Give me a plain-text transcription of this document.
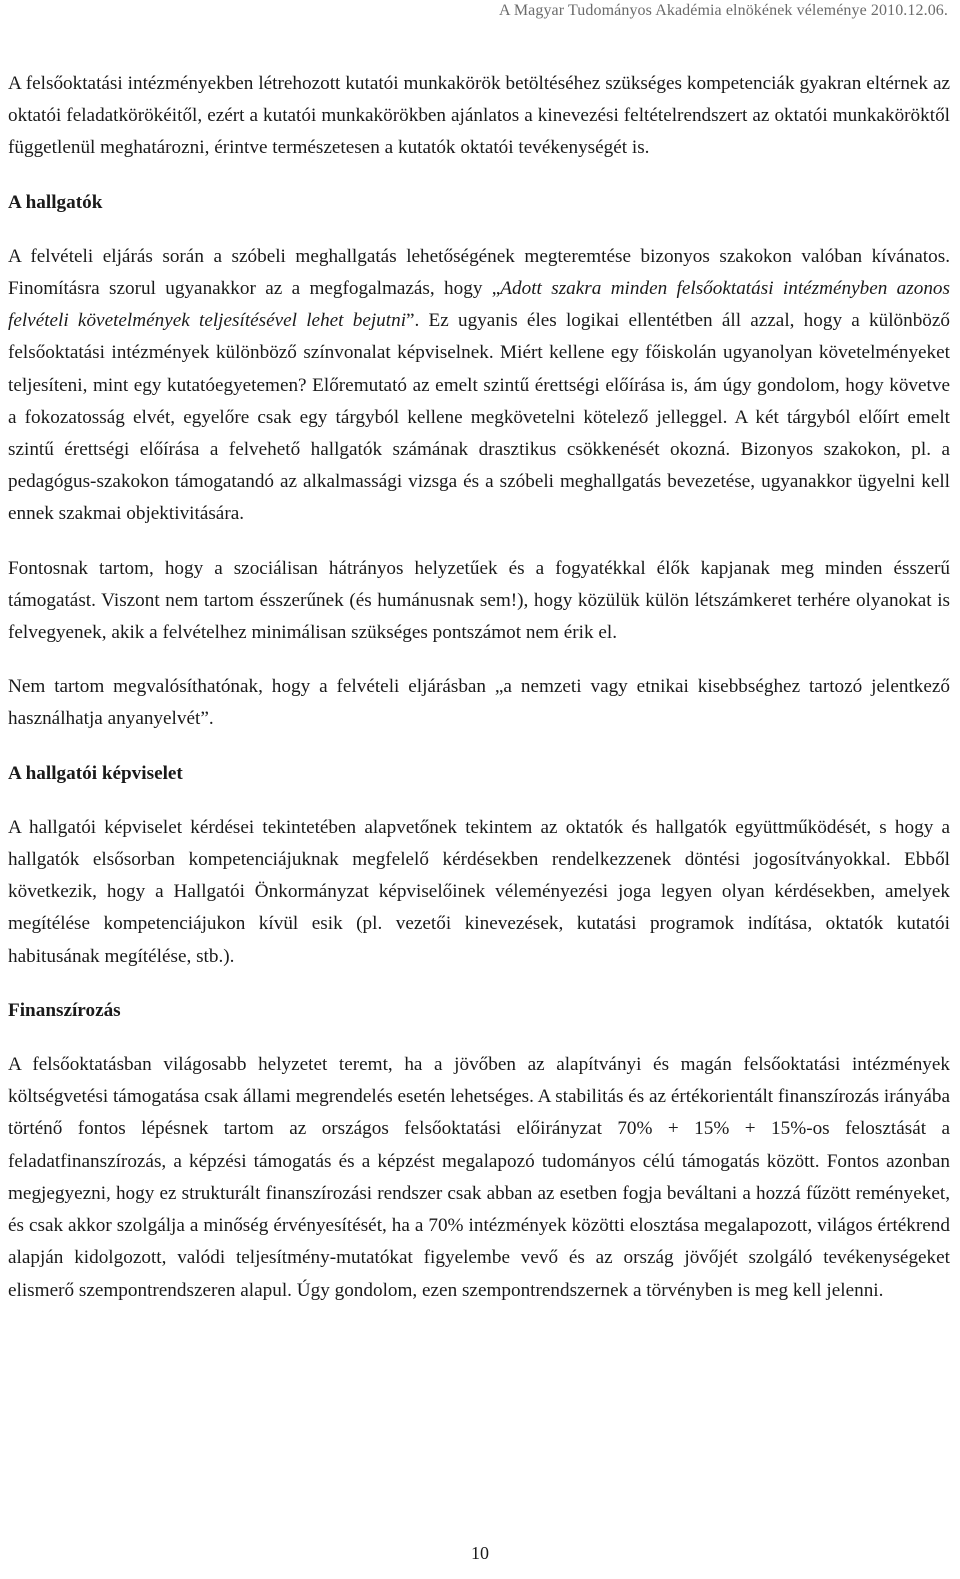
A Magyar Tudományos Akadémia elnökének véleménye 2010.12.06.

A felsőoktatási intézményekben létrehozott kutatói munkakörök betöltéséhez szükséges kompetenciák gyakran eltérnek az oktatói feladatkörökéitől, ezért a kutatói munkakörökben ajánlatos a kinevezési feltételrendszert az oktatói munkaköröktől függetlenül meghatározni, érintve természetesen a kutatók oktatói tevékenységét is.

A hallgatók

A felvételi eljárás során a szóbeli meghallgatás lehetőségének megteremtése bizonyos szakokon valóban kívánatos. Finomításra szorul ugyanakkor az a megfogalmazás, hogy „Adott szakra minden felsőoktatási intézményben azonos felvételi követelmények teljesítésével lehet bejutni”. Ez ugyanis éles logikai ellentétben áll azzal, hogy a különböző felsőoktatási intézmények különböző színvonalat képviselnek. Miért kellene egy főiskolán ugyanolyan követelményeket teljesíteni, mint egy kutatóegyetemen? Előremutató az emelt szintű érettségi előírása is, ám úgy gondolom, hogy követve a fokozatosság elvét, egyelőre csak egy tárgyból kellene megkövetelni kötelező jelleggel. A két tárgyból előírt emelt szintű érettségi előírása a felvehető hallgatók számának drasztikus csökkenését okozná. Bizonyos szakokon, pl. a pedagógus-szakokon támogatandó az alkalmassági vizsga és a szóbeli meghallgatás bevezetése, ugyanakkor ügyelni kell ennek szakmai objektivitására.

Fontosnak tartom, hogy a szociálisan hátrányos helyzetűek és a fogyatékkal élők kapjanak meg minden ésszerű támogatást. Viszont nem tartom ésszerűnek (és humánusnak sem!), hogy közülük külön létszámkeret terhére olyanokat is felvegyenek, akik a felvételhez minimálisan szükséges pontszámot nem érik el.

Nem tartom megvalósíthatónak, hogy a felvételi eljárásban „a nemzeti vagy etnikai kisebbséghez tartozó jelentkező használhatja anyanyelvét”.

A hallgatói képviselet

A hallgatói képviselet kérdései tekintetében alapvetőnek tekintem az oktatók és hallgatók együttműködését, s hogy a hallgatók elsősorban kompetenciájuknak megfelelő kérdésekben rendelkezzenek döntési jogosítványokkal. Ebből következik, hogy a Hallgatói Önkormányzat képviselőinek véleményezési joga legyen olyan kérdésekben, amelyek megítélése kompetenciájukon kívül esik (pl. vezetői kinevezések, kutatási programok indítása, oktatók kutatói habitusának megítélése, stb.).

Finanszírozás

A felsőoktatásban világosabb helyzetet teremt, ha a jövőben az alapítványi és magán felsőoktatási intézmények költségvetési támogatása csak állami megrendelés esetén lehetséges. A stabilitás és az értékorientált finanszírozás irányába történő fontos lépésnek tartom az országos felsőoktatási előirányzat 70% + 15% + 15%-os felosztását a feladatfinanszírozás, a képzési támogatás és a képzést megalapozó tudományos célú támogatás között. Fontos azonban megjegyezni, hogy ez strukturált finanszírozási rendszer csak abban az esetben fogja beváltani a hozzá fűzött reményeket, és csak akkor szolgálja a minőség érvényesítését, ha a 70% intézmények közötti elosztása megalapozott, világos értékrend alapján kidolgozott, valódi teljesítmény-mutatókat figyelembe vevő és az ország jövőjét szolgáló tevékenységeket elismerő szempontrendszeren alapul. Úgy gondolom, ezen szempontrendszernek a törvényben is meg kell jelenni.

10
